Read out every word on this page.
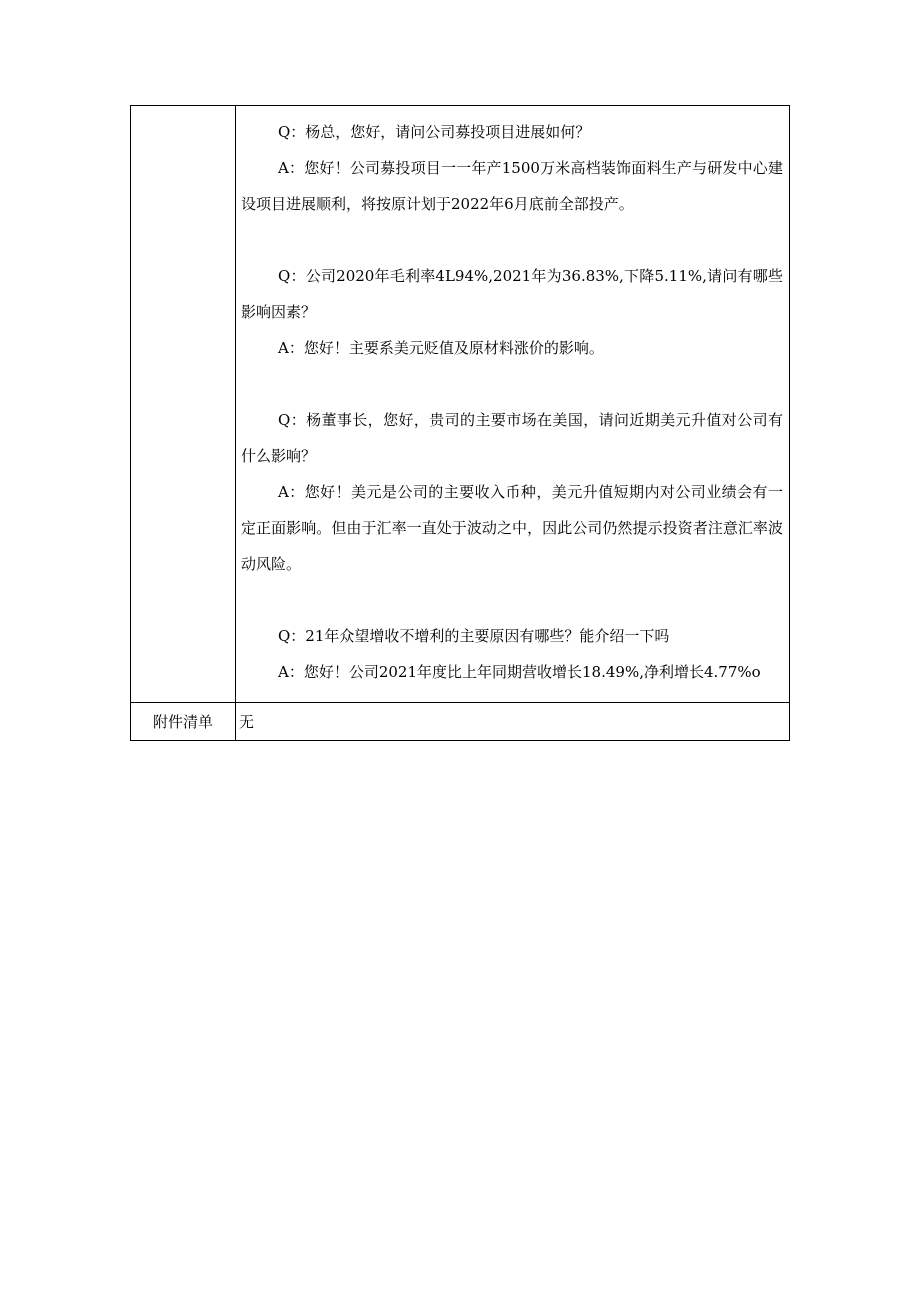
Q：杨总，您好，请问公司募投项目进展如何？

A：您好！公司募投项目一一年产1500万米高档装饰面料生产与研发中心建设项目进展顺利，将按原计划于2022年6月底前全部投产。

Q：公司2020年毛利率4L94%,2021年为36.83%,下降5.11%,请问有哪些影响因素？

A：您好！主要系美元贬值及原材料涨价的影响。

Q：杨董事长，您好，贵司的主要市场在美国，请问近期美元升值对公司有什么影响？

A：您好！美元是公司的主要收入币种，美元升值短期内对公司业绩会有一定正面影响。但由于汇率一直处于波动之中，因此公司仍然提示投资者注意汇率波动风险。

Q：21年众望增收不增利的主要原因有哪些？能介绍一下吗

A：您好！公司2021年度比上年同期营收增长18.49%,净利增长4.77%o

附件清单	无
